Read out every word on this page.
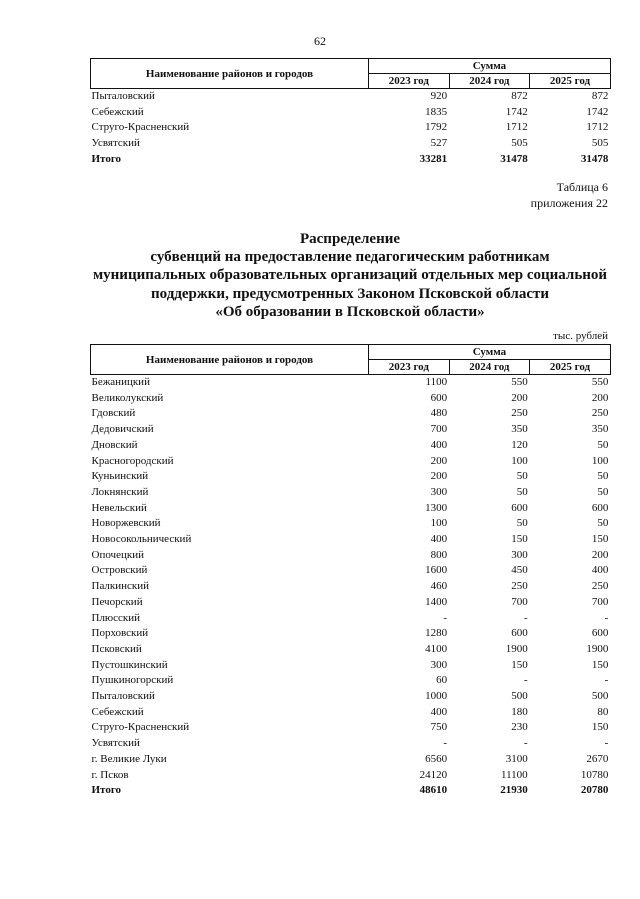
62
Наименование районов и городов	Сумма		
	2023 год	2024 год	2025 год
Пыталовский	920	872	872
Себежский	1835	1742	1742
Струго-Красненский	1792	1712	1712
Усвятский	527	505	505
Итого	33281	31478	31478
Таблица 6
приложения 22
Распределение
субвенций на предоставление педагогическим работникам
муниципальных образовательных организаций отдельных мер социальной
поддержки, предусмотренных Законом Псковской области
«Об образовании в Псковской области»
тыс. рублей
Наименование районов и городов	Сумма		
	2023 год	2024 год	2025 год
Бежаницкий	1100	550	550
Великолукский	600	200	200
Гдовский	480	250	250
Дедовичский	700	350	350
Дновский	400	120	50
Красногородский	200	100	100
Куньинский	200	50	50
Локнянский	300	50	50
Невельский	1300	600	600
Новоржевский	100	50	50
Новосокольнический	400	150	150
Опочецкий	800	300	200
Островский	1600	450	400
Палкинский	460	250	250
Печорский	1400	700	700
Плюсский	-	-	-
Порховский	1280	600	600
Псковский	4100	1900	1900
Пустошкинский	300	150	150
Пушкиногорский	60	-	-
Пыталовский	1000	500	500
Себежский	400	180	80
Струго-Красненский	750	230	150
Усвятский	-	-	-
г. Великие Луки	6560	3100	2670
г. Псков	24120	11100	10780
Итого	48610	21930	20780
